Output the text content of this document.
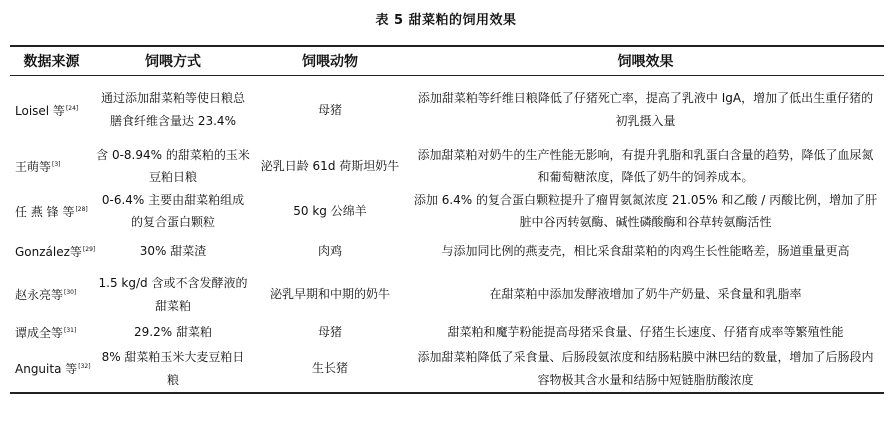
表 5 甜菜粕的饲用效果
数据来源	饲喂方式	饲喂动物	饲喂效果
Loisel 等[24]	通过添加甜菜粕等使日粮总膳食纤维含量达 23.4%	母猪	添加甜菜粕等纤维日粮降低了仔猪死亡率，提高了乳液中 IgA，增加了低出生重仔猪的初乳摄入量
王萌等[3]	含 0-8.94% 的甜菜粕的玉米豆粕日粮	泌乳日龄 61d 荷斯坦奶牛	添加甜菜粕对奶牛的生产性能无影响，有提升乳脂和乳蛋白含量的趋势，降低了血尿氮和葡萄糖浓度，降低了奶牛的饲养成本。
任 燕 锋 等[28]	0-6.4% 主要由甜菜粕组成的复合蛋白颗粒	50 kg 公绵羊	添加 6.4% 的复合蛋白颗粒提升了瘤胃氨氮浓度 21.05% 和乙酸 / 丙酸比例，增加了肝脏中谷丙转氨酶、碱性磷酸酶和谷草转氨酶活性
González等[29]	30% 甜菜渣	肉鸡	与添加同比例的燕麦壳，相比采食甜菜粕的肉鸡生长性能略差，肠道重量更高
赵永亮等[30]	1.5 kg/d 含或不含发酵液的甜菜粕	泌乳早期和中期的奶牛	在甜菜粕中添加发酵液增加了奶牛产奶量、采食量和乳脂率
谭成全等[31]	29.2% 甜菜粕	母猪	甜菜粕和魔芋粉能提高母猪采食量、仔猪生长速度、仔猪育成率等繁殖性能
Anguita 等[32]	8% 甜菜粕玉米大麦豆粕日粮	生长猪	添加甜菜粕降低了采食量、后肠段氨浓度和结肠粘膜中淋巴结的数量，增加了后肠段内容物极其含水量和结肠中短链脂肪酸浓度
